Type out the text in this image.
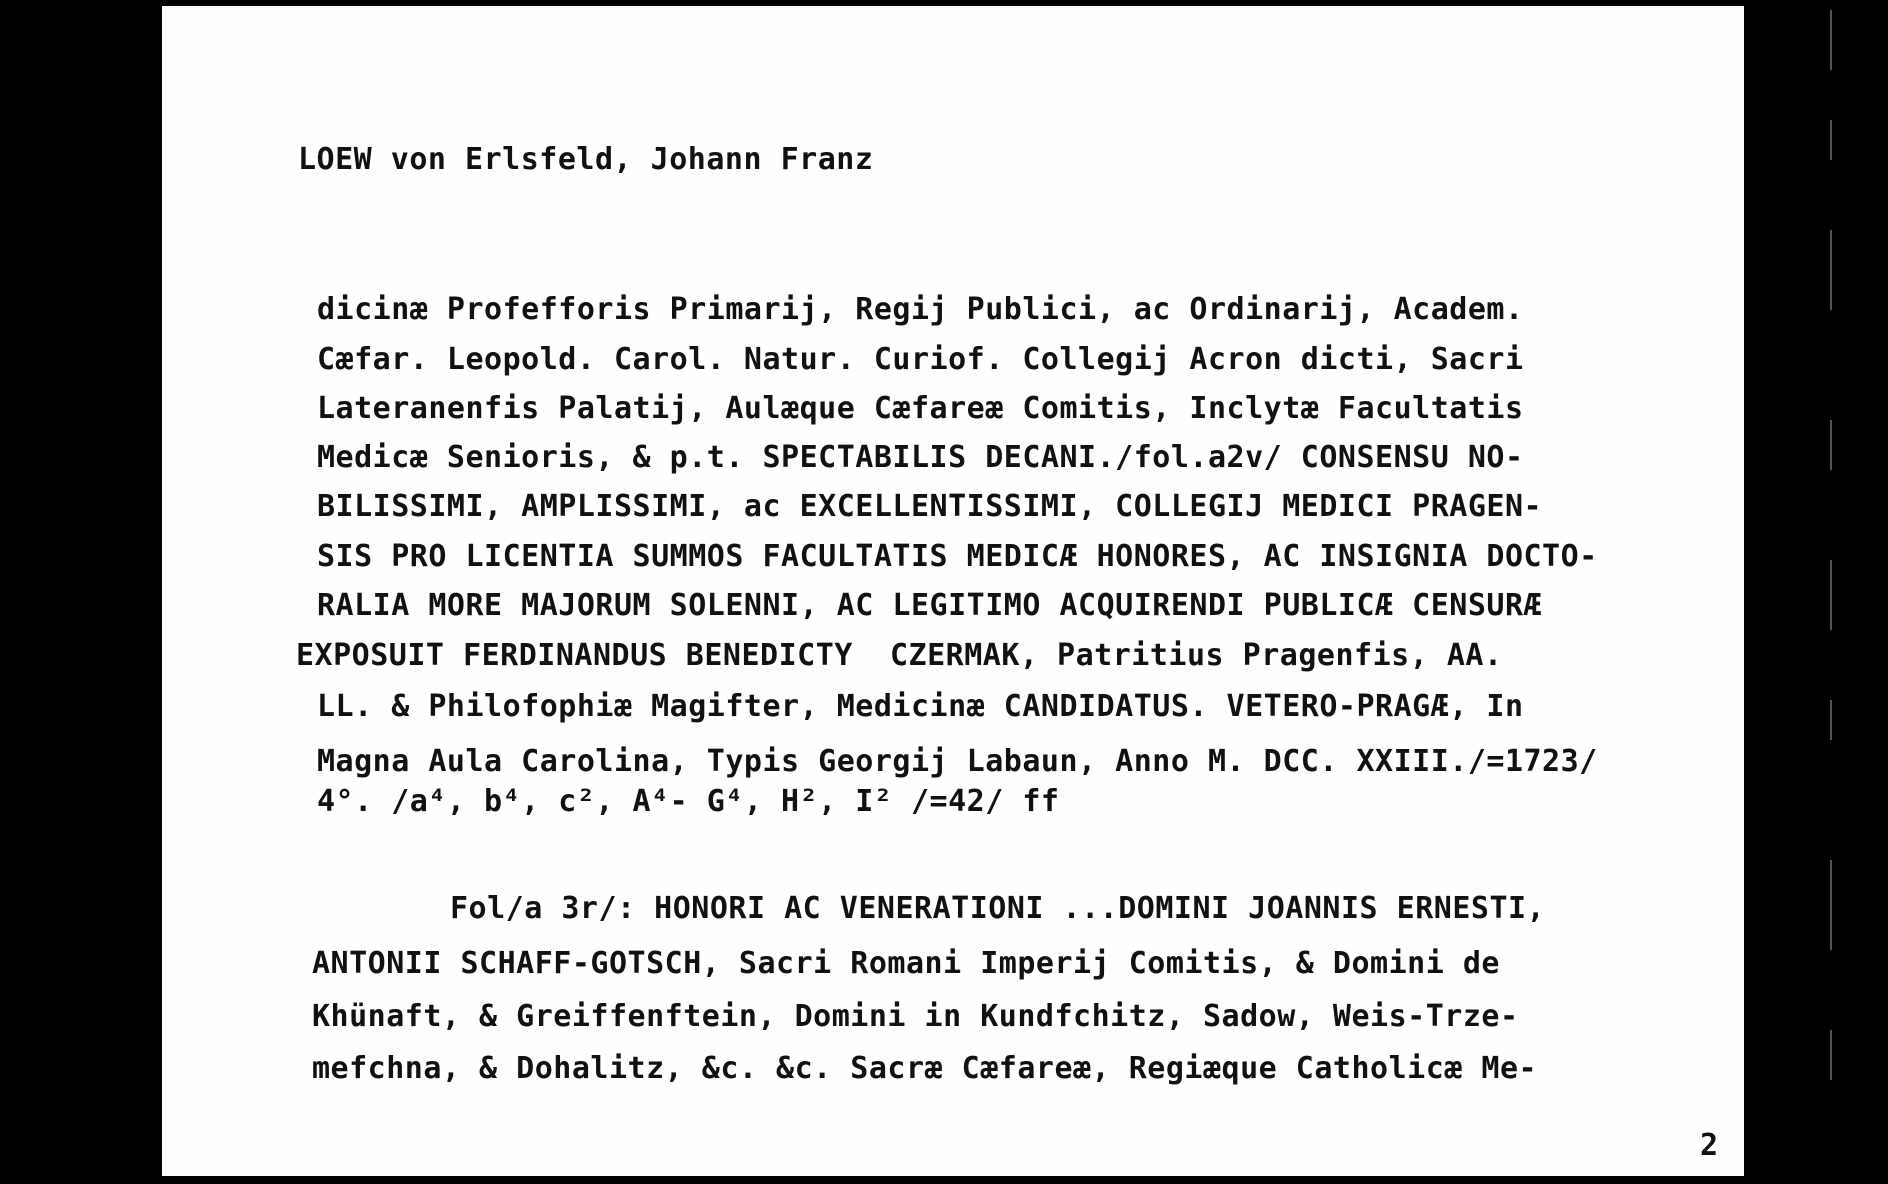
LOEW von Erlsfeld, Johann Franz
dicinæ Profefforis Primarij, Regij Publici, ac Ordinarij, Academ.
Cæfar. Leopold. Carol. Natur. Curiof. Collegij Acron dicti, Sacri
Lateranenfis Palatij, Aulæque Cæfareæ Comitis, Inclytæ Facultatis
Medicæ Senioris, & p.t. SPECTABILIS DECANI./fol.a2v/ CONSENSU NO-
BILISSIMI, AMPLISSIMI, ac EXCELLENTISSIMI, COLLEGIJ MEDICI PRAGEN-
SIS PRO LICENTIA SUMMOS FACULTATIS MEDICÆ HONORES, AC INSIGNIA DOCTO-
RALIA MORE MAJORUM SOLENNI, AC LEGITIMO ACQUIRENDI PUBLICÆ CENSURÆ
EXPOSUIT FERDINANDUS BENEDICTY  CZERMAK, Patritius Pragenfis, AA.
LL. & Philofophiæ Magifter, Medicinæ CANDIDATUS. VETERO-PRAGÆ, In
Magna Aula Carolina, Typis Georgij Labaun, Anno M. DCC. XXIII./=1723/
4°. /a⁴, b⁴, c², A⁴- G⁴, H², I² /=42/ ff
Fol/a 3r/: HONORI AC VENERATIONI ...DOMINI JOANNIS ERNESTI,
ANTONII SCHAFF-GOTSCH, Sacri Romani Imperij Comitis, & Domini de
Khünaft, & Greiffenftein, Domini in Kundfchitz, Sadow, Weis-Trze-
mefchna, & Dohalitz, &c. &c. Sacræ Cæfareæ, Regiæque Catholicæ Me-
2
